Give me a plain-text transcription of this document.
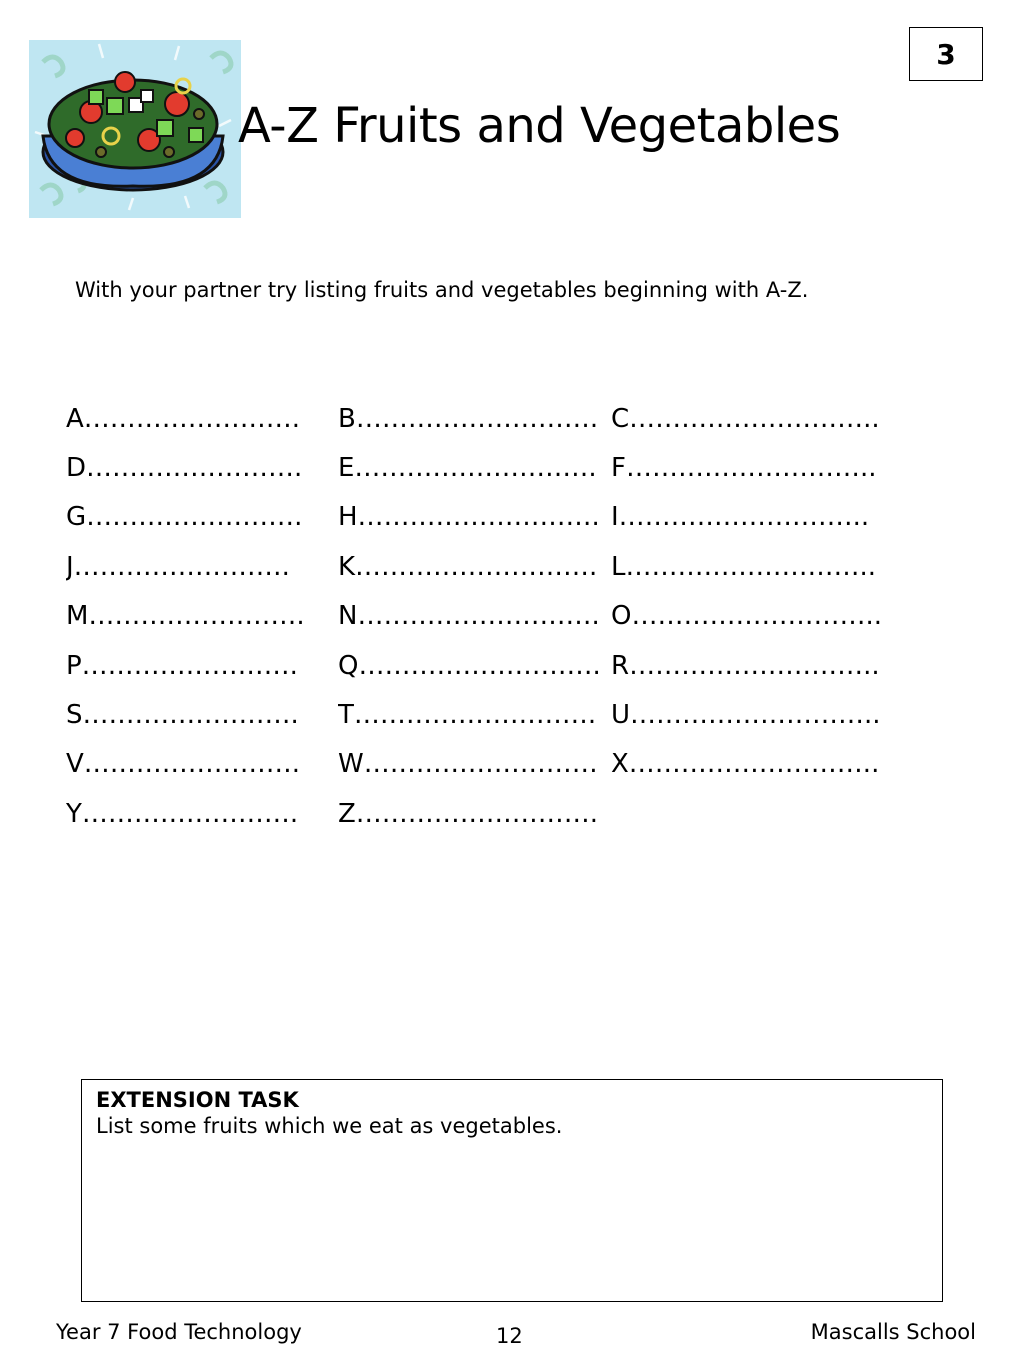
3
A-Z Fruits and Vegetables

With your partner try listing fruits and vegetables beginning with A-Z.

A…………………….	B………………………. C………………………..
D…………………….	E………………………. F………………………..
G…………………….	H………………………. I………………………..
J…………………….	K………………………. L………………………..
M…………………….	N………………………. O………………………..
P…………………….	Q………………………. R………………………..
S…………………….	T………………………. U………………………..
V…………………….	W……………………… X………………………..
Y…………………….	Z……………………….

EXTENSION TASK

List some fruits which we eat as vegetables.

Year 7 Food Technology	12	Mascalls School
